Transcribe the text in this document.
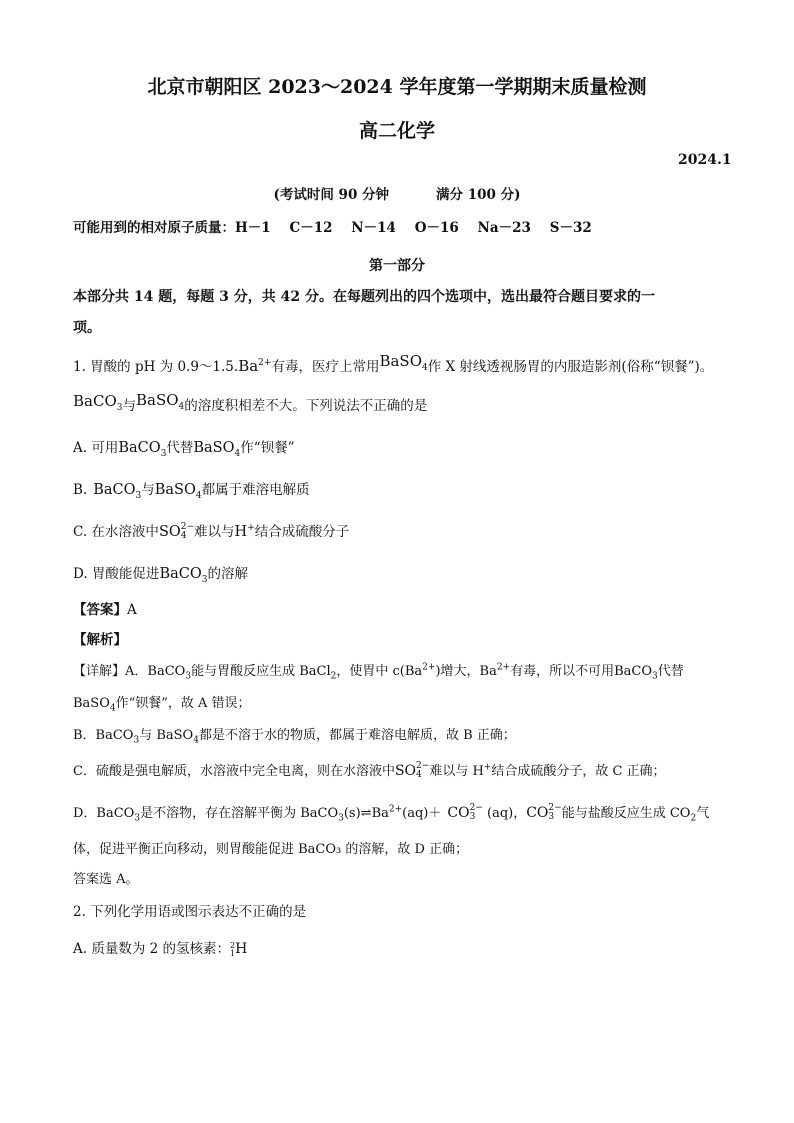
北京市朝阳区 2023～2024 学年度第一学期期末质量检测
高二化学
2024.1
(考试时间 90 分钟          满分 100 分)
可能用到的相对原子质量：H－1    C－12    N－14    O－16    Na－23    S－32
第一部分
本部分共 14 题，每题 3 分，共 42 分。在每题列出的四个选项中，选出最符合题目要求的一
项。
1. 胃酸的 pH 为 $0.9\sim 1.5.Ba^{2+}$有毒，医疗上常用BaSO$_4$作 X 射线透视肠胃的内服造影剂(俗称“钡餐”)。
BaCO$_3$与BaSO$_4$的溶度积相差不大。下列说法不正确的是
A. 可用BaCO$_3$代替BaSO$_4$作“钡餐”
B. BaCO$_3$与BaSO$_4$都属于难溶电解质
C. 在水溶液中SO 2−
4 难以与H+结合成硫酸分子
D. 胃酸能促进BaCO$_3$的溶解
【答案】A
【解析】
【详解】A．BaCO$_3$能与胃酸反应生成 BaCl$_2$，使胃中 $c(Ba^{2+})$增大，$Ba^{2+}$有毒，所以不可用BaCO$_3$代替
BaSO$_4$作“钡餐”，故 A 错误；
B．BaCO$_3$与 BaSO$_4$都是不溶于水的物质，都属于难溶电解质，故 B 正确；
C．硫酸是强电解质，水溶液中完全电离，则在水溶液中SO 2−
4 难以与 H+结合成硫酸分子，故 C 正确；
D．BaCO$_3$是不溶物，存在溶解平衡为 $BaCO_3(s)\rightleftharpoons Ba^{2+}(aq)+$ CO 2−
3 (aq)，CO 2−
3 能与盐酸反应生成 $CO_2$气
体，促进平衡正向移动，则胃酸能促进 BaCO₃ 的溶解，故 D 正确；
答案选 A。
2. 下列化学用语或图示表达不正确的是
A. 质量数为 2 的氢核素： 2
1 H
